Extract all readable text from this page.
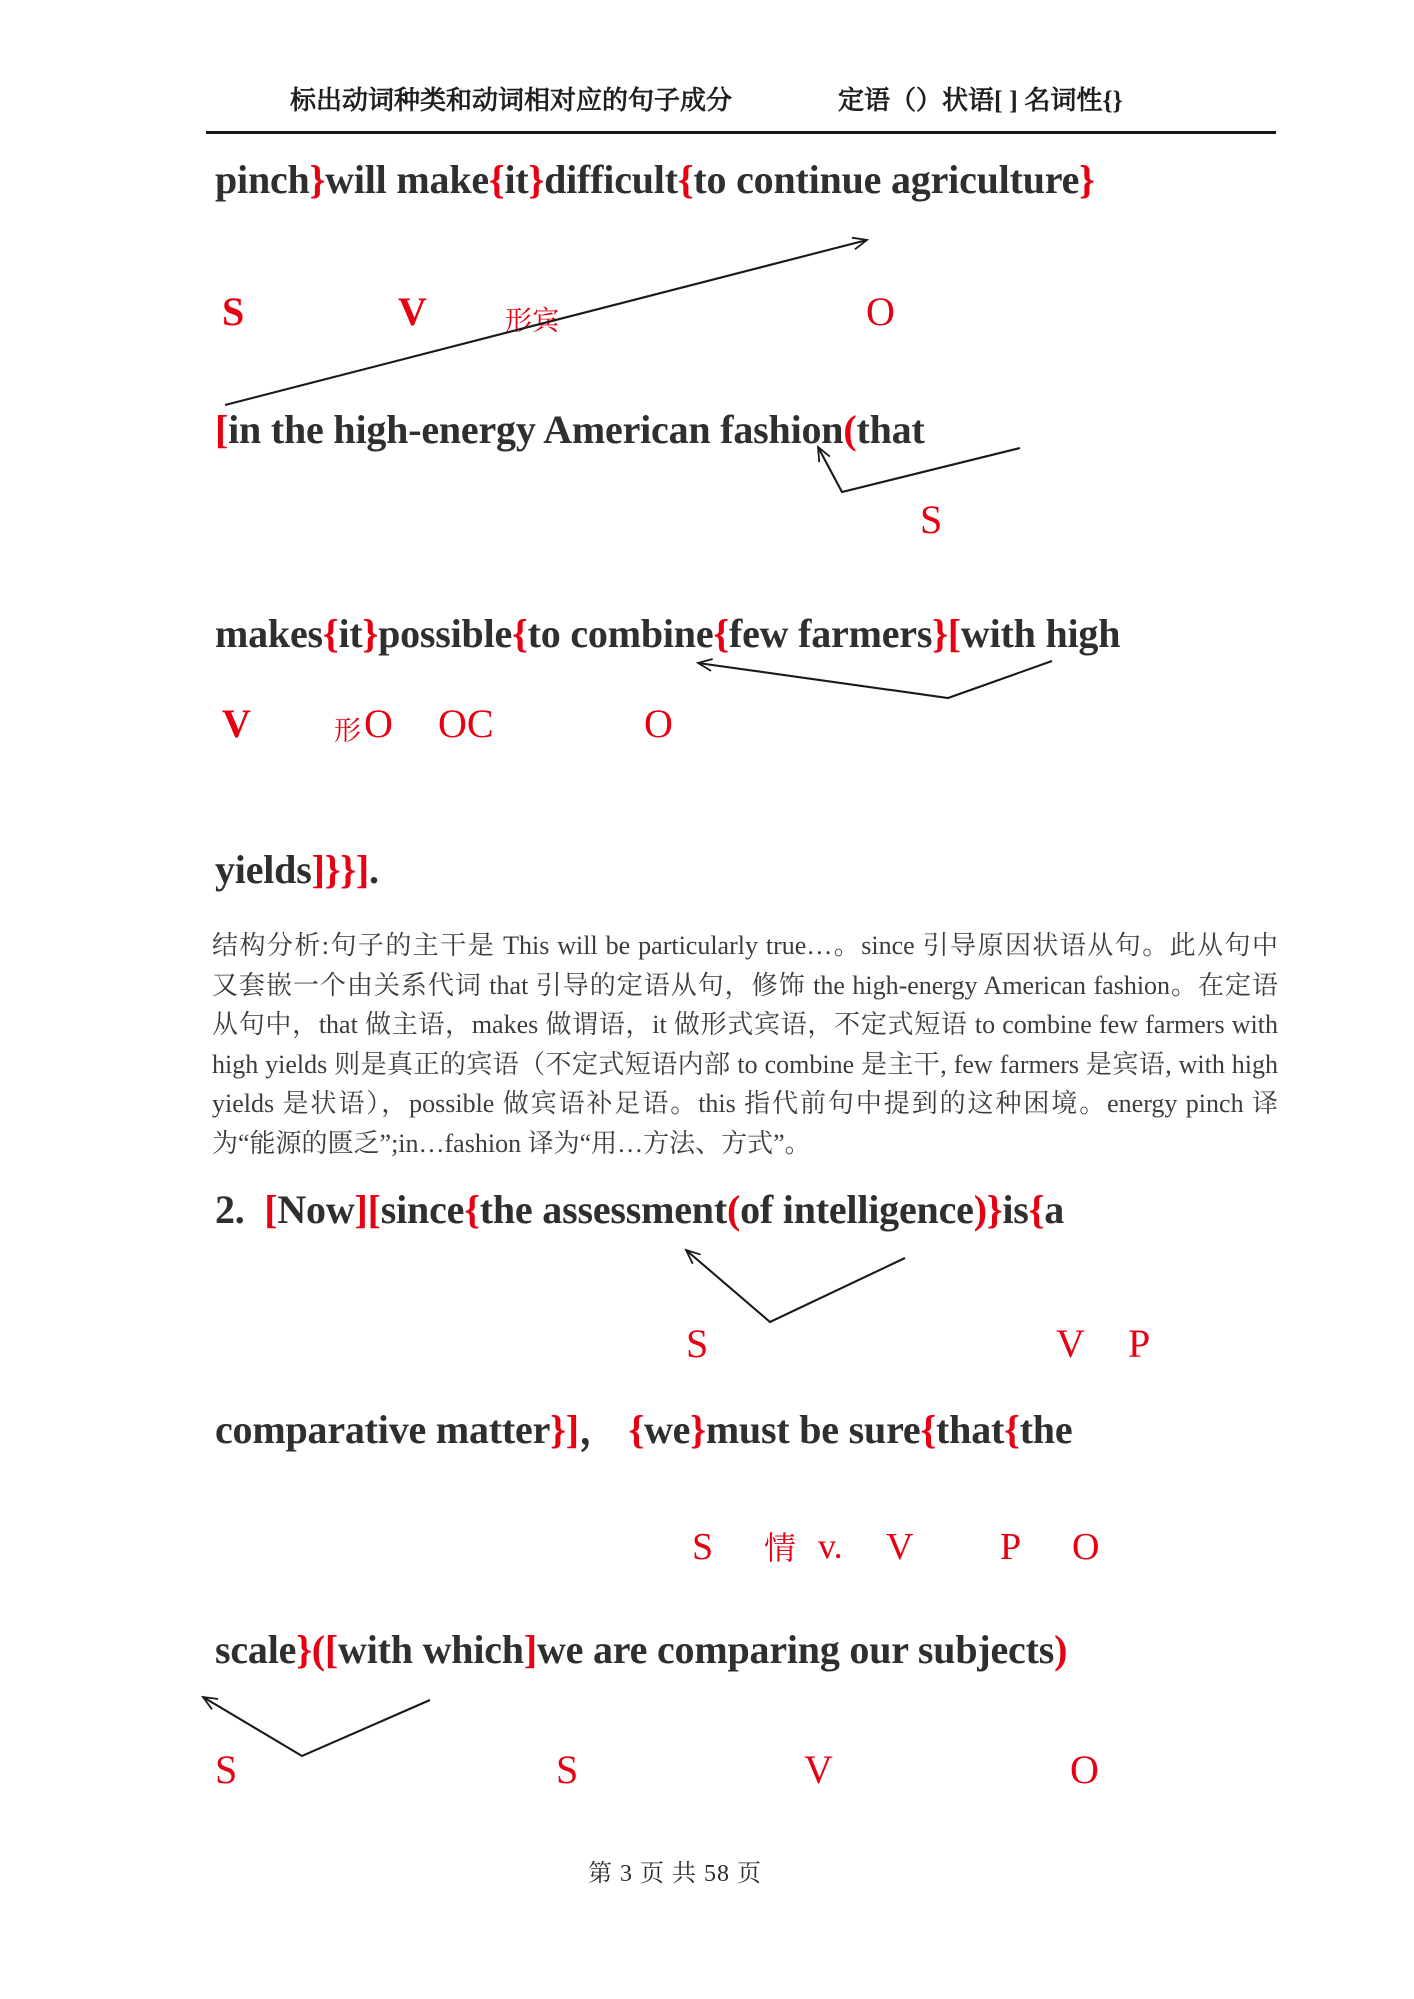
标出动词种类和动词相对应的句子成分	定语（）状语[ ] 名词性{}
pinch}will make{it}difficult{to continue agriculture}
[in the high-energy American fashion(that
makes{it}possible{to combine{few farmers}[with high
yields]}}].
2.  [Now][since{the assessment(of intelligence)}is{a
comparative matter}]， {we}must be sure{that{the
scale}([with which]we are comparing our subjects)
S	V	形宾	O
S
V	形 O OC	O
S	V P
S 情 v. V P O
S	S	V	O
结构分析:句子的主干是 This will be particularly true…。since 引导原因状语从句。此从句中
又套嵌一个由关系代词 that 引导的定语从句，修饰 the high-energy American fashion。在定语
从句中，that 做主语，makes 做谓语，it 做形式宾语，不定式短语 to combine few farmers with
high yields 则是真正的宾语（不定式短语内部 to combine 是主干, few farmers 是宾语, with high
yields 是状语），possible 做宾语补足语。this 指代前句中提到的这种困境。energy pinch 译
为“能源的匮乏”;in…fashion 译为“用…方法、方式”。
第 3 页 共 58 页
